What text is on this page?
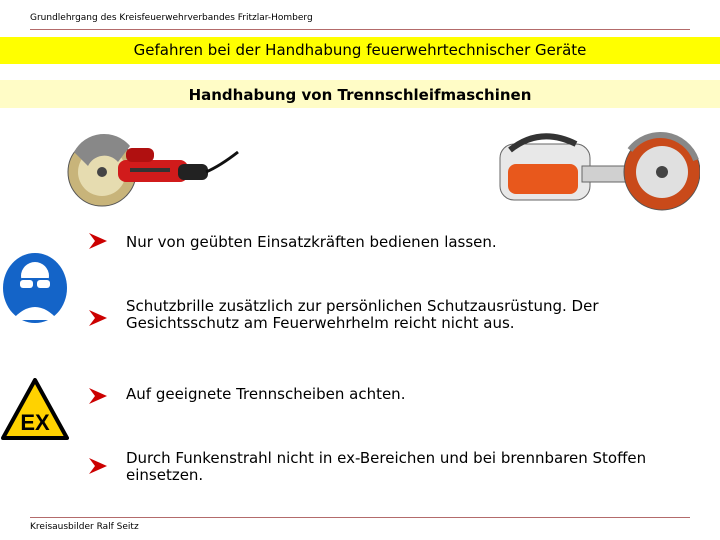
Grundlehrgang des Kreisfeuerwehrverbandes Fritzlar-Homberg
Gefahren bei der Handhabung feuerwehrtechnischer Geräte
Handhabung von Trennschleifmaschinen
Nur von geübten Einsatzkräften bedienen lassen.
Schutzbrille zusätzlich zur persönlichen Schutzausrüstung. Der Gesichtsschutz am Feuerwehrhelm reicht nicht aus.
EX
Auf geeignete Trennscheiben achten.
Durch Funkenstrahl nicht in ex-Bereichen und bei brennbaren Stoffen einsetzen.
Kreisausbilder Ralf Seitz
